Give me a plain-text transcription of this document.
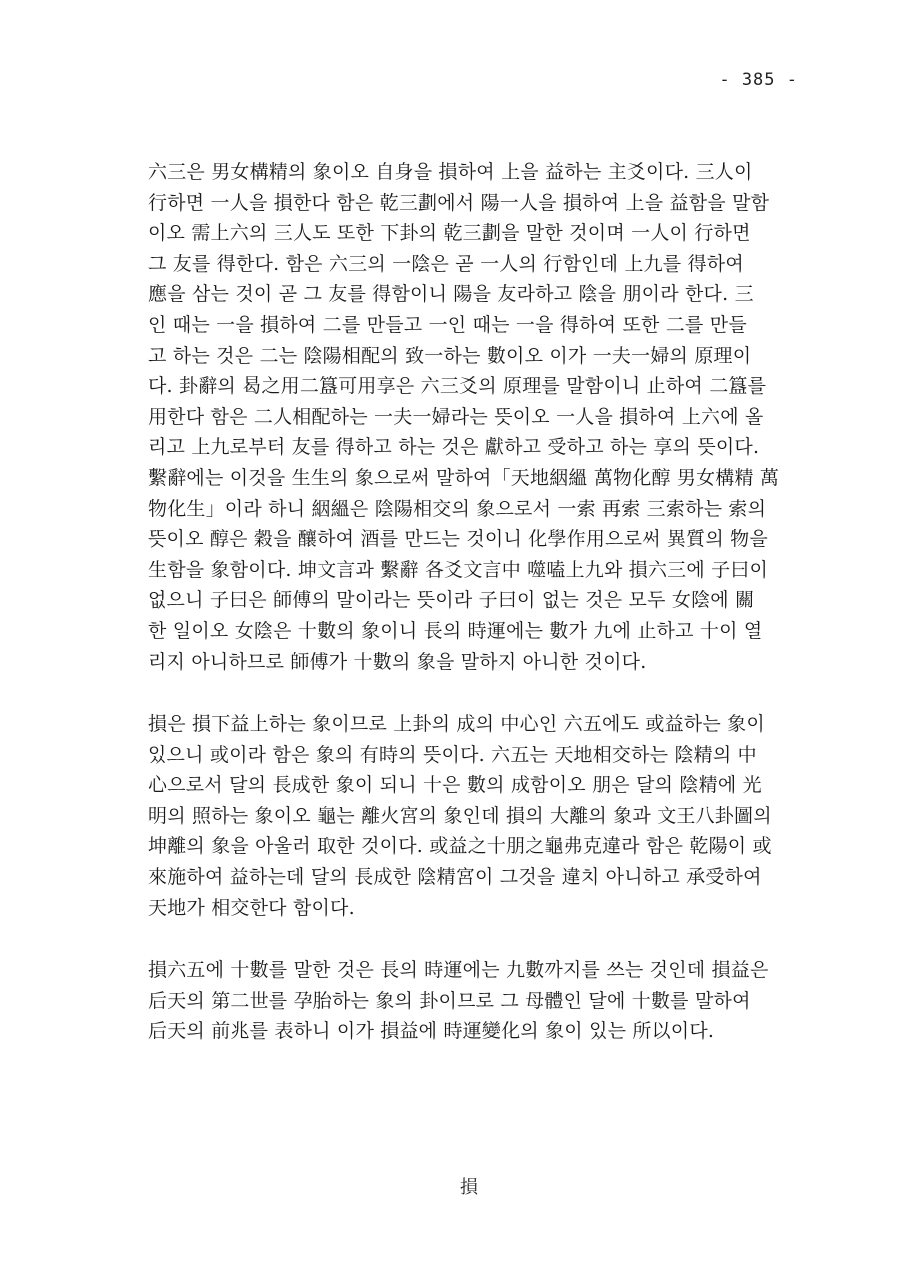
- 385 -
六三은 男女構精의 象이오 自身을 損하여 上을 益하는 主爻이다. 三人이
行하면 一人을 損한다 함은 乾三劃에서 陽一人을 損하여 上을 益함을 말함
이오 需上六의 三人도 또한 下卦의 乾三劃을 말한 것이며 一人이 行하면
그 友를 得한다. 함은 六三의 一陰은 곧 一人의 行함인데 上九를 得하여
應을 삼는 것이 곧 그 友를 得함이니 陽을 友라하고 陰을 朋이라 한다. 三
인 때는 一을 損하여 二를 만들고 一인 때는 一을 得하여 또한 二를 만들
고 하는 것은 二는 陰陽相配의 致一하는 數이오 이가 一夫一婦의 原理이
다. 卦辭의 曷之用二簋可用享은 六三爻의 原理를 말함이니 止하여 二簋를
用한다 함은 二人相配하는 一夫一婦라는 뜻이오 一人을 損하여 上六에 올
리고 上九로부터 友를 得하고 하는 것은 獻하고 受하고 하는 享의 뜻이다.
繫辭에는 이것을 生生의 象으로써 말하여「天地絪縕 萬物化醇 男女構精 萬
物化生」이라 하니 絪縕은 陰陽相交의 象으로서 一索 再索 三索하는 索의
뜻이오 醇은 穀을 釀하여 酒를 만드는 것이니 化學作用으로써 異質의 物을
生함을 象함이다. 坤文言과 繫辭 各爻文言中 噬嗑上九와 損六三에 子曰이
없으니 子曰은 師傅의 말이라는 뜻이라 子曰이 없는 것은 모두 女陰에 關
한 일이오 女陰은 十數의 象이니 長의 時運에는 數가 九에 止하고 十이 열
리지 아니하므로 師傅가 十數의 象을 말하지 아니한 것이다.
損은 損下益上하는 象이므로 上卦의 成의 中心인 六五에도 或益하는 象이
있으니 或이라 함은 象의 有時의 뜻이다. 六五는 天地相交하는 陰精의 中
心으로서 달의 長成한 象이 되니 十은 數의 成함이오 朋은 달의 陰精에 光
明의 照하는 象이오 龜는 離火宮의 象인데 損의 大離의 象과 文王八卦圖의
坤離의 象을 아울러 取한 것이다. 或益之十朋之龜弗克違라 함은 乾陽이 或
來施하여 益하는데 달의 長成한 陰精宮이 그것을 違치 아니하고 承受하여
天地가 相交한다 함이다.
損六五에 十數를 말한 것은 長의 時運에는 九數까지를 쓰는 것인데 損益은
后天의 第二世를 孕胎하는 象의 卦이므로 그 母體인 달에 十數를 말하여
后天의 前兆를 表하니 이가 損益에 時運變化의 象이 있는 所以이다.
損
